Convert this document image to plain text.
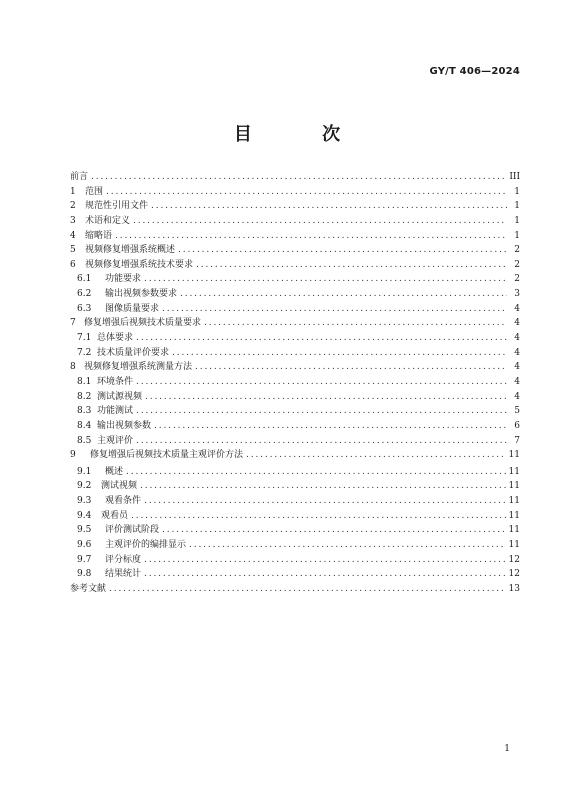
GY/T 406—2024
目 次
前言 . . .	III
1 范围 . . .	1
2 规范性引用文件 . . .	1
3 术语和定义 . . .	1
4 缩略语 . . .	1
5 视频修复增强系统概述 . . .	2
6 视频修复增强系统技术要求 . . .	2
6.1 功能要求 . . .	2
6.2 输出视频参数要求 . . .	3
6.3 图像质量要求 . . .	4
7 修复增强后视频技术质量要求 . . .	4
7.1 总体要求 . . .	4
7.2 技术质量评价要求 . . .	4
8 视频修复增强系统测量方法 . . .	4
8.1 环境条件 . . .	4
8.2 测试源视频 . . .	4
8.3 功能测试 . . .	5
8.4 输出视频参数 . . .	6
8.5 主观评价 . . .	7
9 修复增强后视频技术质量主观评价方法 . . .	11
9.1 概述 . . .	11
9.2 测试视频 . . .	11
9.3 观看条件 . . .	11
9.4 观看员 . . .	11
9.5 评价测试阶段 . . .	11
9.6 主观评价的编排显示 . . .	11
9.7 评分标度 . . .	12
9.8 结果统计 . . .	12
参考文献 . . .	13
1
